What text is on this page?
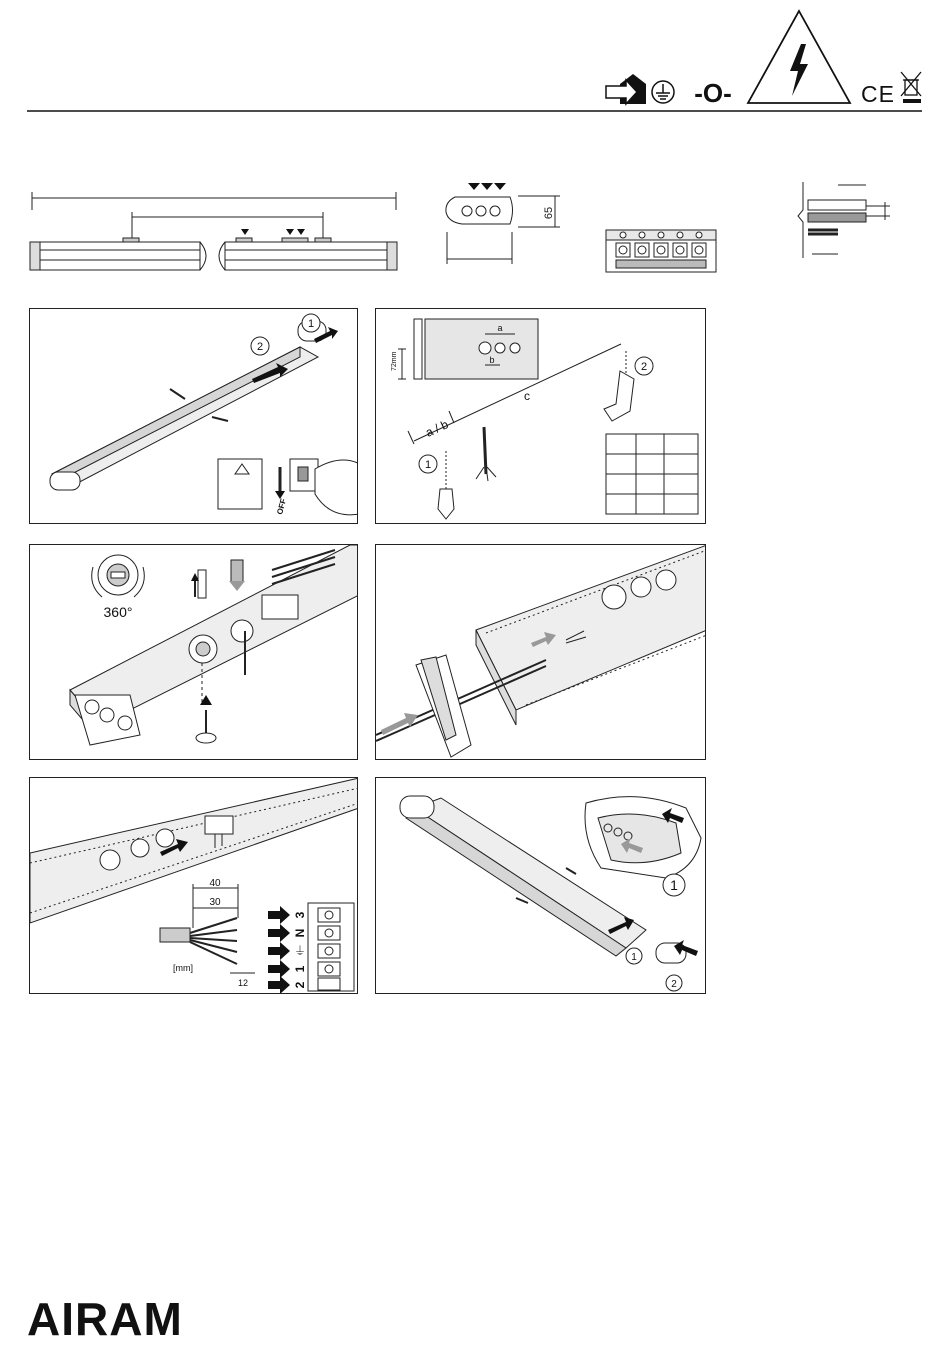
-O-	CE
65
2
1
OFF
a
b
72mm
c
a / b
1
2
360°
40
30
12
[mm]
3
N
⏚
1
2
1
1
2
AIRAM
